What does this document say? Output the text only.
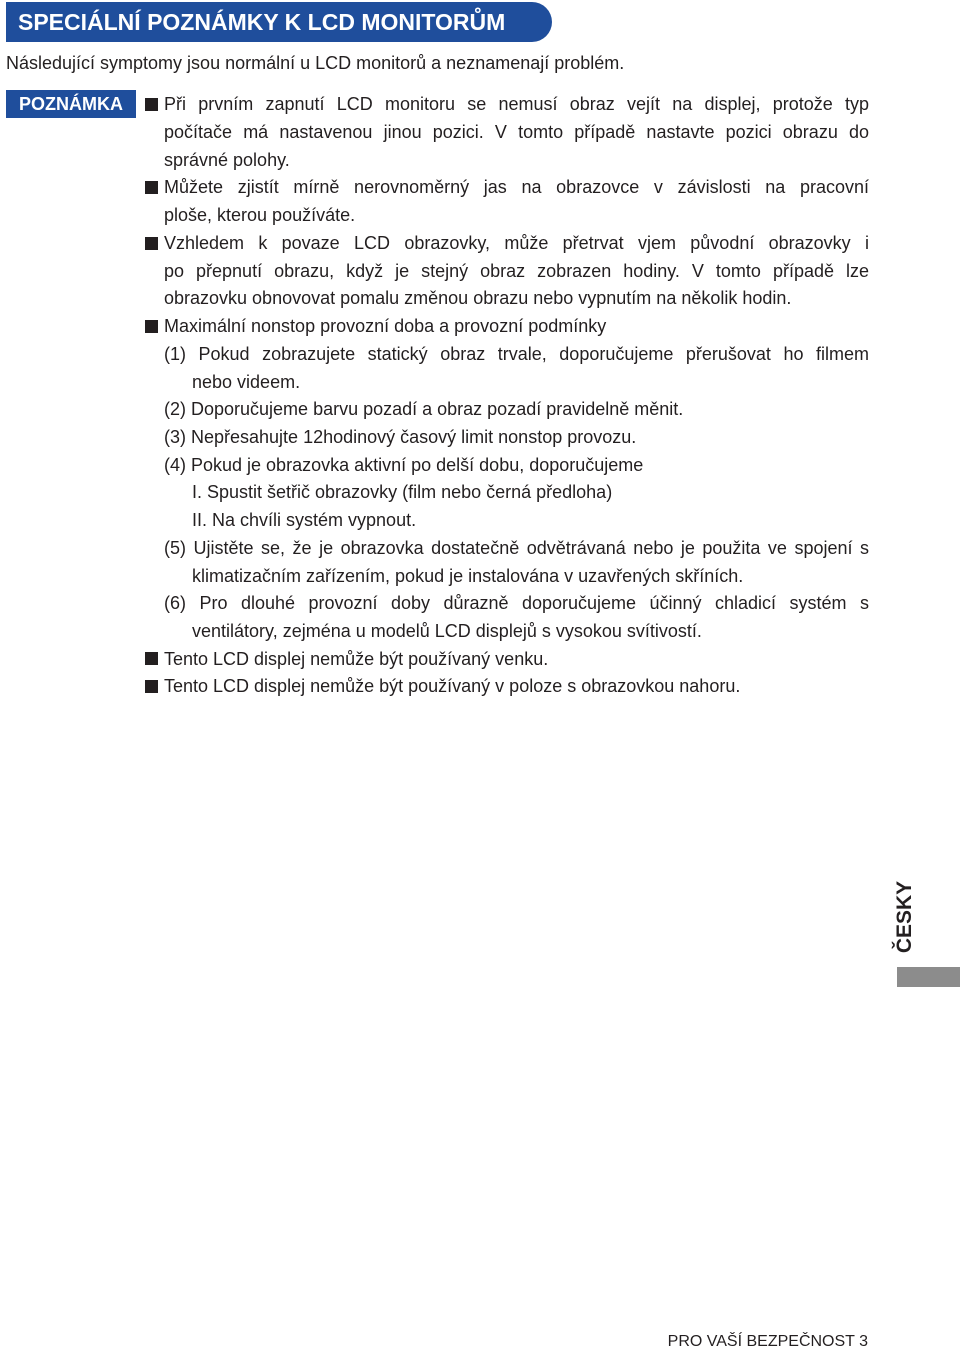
SPECIÁLNÍ POZNÁMKY K LCD MONITORŮM
Následující symptomy jsou normální u LCD monitorů a neznamenají problém.
POZNÁMKA	Při prvním zapnutí LCD monitoru se nemusí obraz vejít na displej, protože typ
počítače má nastavenou jinou pozici. V tomto případě nastavte pozici obrazu do
správné polohy.
Můžete zjistít mírně nerovnoměrný jas na obrazovce v závislosti na pracovní
ploše, kterou používáte.
Vzhledem k povaze LCD obrazovky, může přetrvat vjem původní obrazovky i
po přepnutí obrazu, když je stejný obraz zobrazen hodiny. V tomto případě lze
obrazovku obnovovat pomalu změnou obrazu nebo vypnutím na několik hodin.
Maximální nonstop provozní doba a provozní podmínky
(1) Pokud zobrazujete statický obraz trvale, doporučujeme přerušovat ho filmem
nebo videem.
(2) Doporučujeme barvu pozadí a obraz pozadí pravidelně měnit.
(3) Nepřesahujte 12hodinový časový limit nonstop provozu.
(4) Pokud je obrazovka aktivní po delší dobu, doporučujeme
I. Spustit šetřič obrazovky (film nebo černá předloha)
II. Na chvíli systém vypnout.
(5) Ujistěte se, že je obrazovka dostatečně odvětrávaná nebo je použita ve spojení s
klimatizačním zařízením, pokud je instalována v uzavřených skříních.
(6) Pro dlouhé provozní doby důrazně doporučujeme účinný chladicí systém s
ventilátory, zejména u modelů LCD displejů s vysokou svítivostí.
Tento LCD displej nemůže být používaný venku.
Tento LCD displej nemůže být používaný v poloze s obrazovkou nahoru.
ČESKY
PRO VAŠÍ BEZPEČNOST 3
